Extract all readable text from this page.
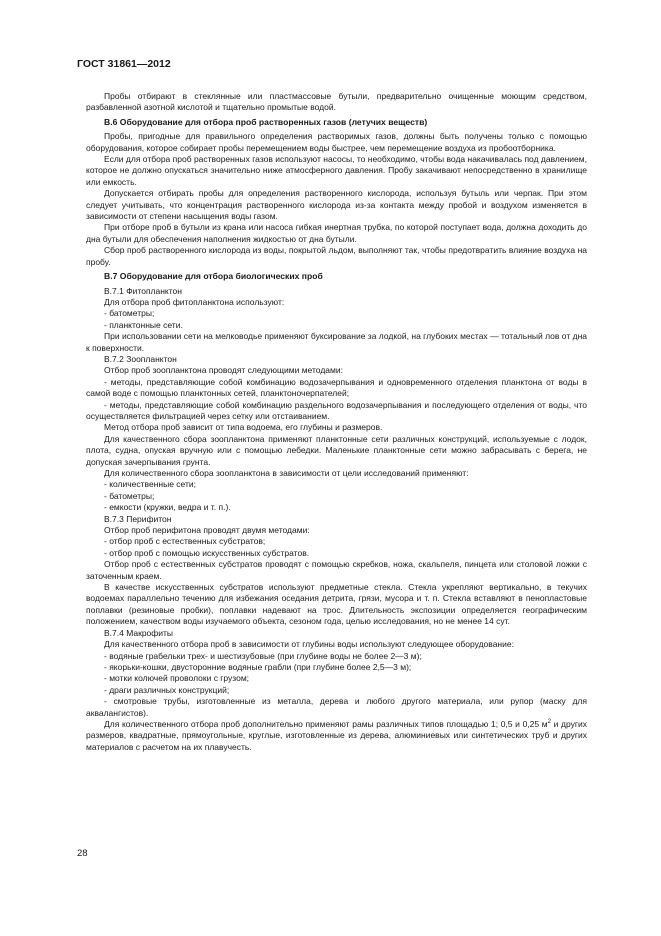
ГОСТ 31861—2012

Пробы отбирают в стеклянные или пластмассовые бутыли, предварительно очищенные моющим средством, разбавленной азотной кислотой и тщательно промытые водой.

В.6 Оборудование для отбора проб растворенных газов (летучих веществ)

Пробы, пригодные для правильного определения растворимых газов, должны быть получены только с помощью оборудования, которое собирает пробы перемещением воды быстрее, чем перемещение воздуха из пробоотборника.

Если для отбора проб растворенных газов используют насосы, то необходимо, чтобы вода накачивалась под давлением, которое не должно опускаться значительно ниже атмосферного давления. Пробу закачивают непосредственно в хранилище или емкость.

Допускается отбирать пробы для определения растворенного кислорода, используя бутыль или черпак. При этом следует учитывать, что концентрация растворенного кислорода из-за контакта между пробой и воздухом изменяется в зависимости от степени насыщения воды газом.

При отборе проб в бутыли из крана или насоса гибкая инертная трубка, по которой поступает вода, должна доходить до дна бутыли для обеспечения наполнения жидкостью от дна бутыли.

Сбор проб растворенного кислорода из воды, покрытой льдом, выполняют так, чтобы предотвратить влияние воздуха на пробу.

В.7 Оборудование для отбора биологических проб

В.7.1 Фитопланктон

Для отбора проб фитопланктона используют:

- батометры;

- планктонные сети.

При использовании сети на мелководье применяют буксирование за лодкой, на глубоких местах — тотальный лов от дна к поверхности.

В.7.2 Зоопланктон

Отбор проб зоопланктона проводят следующими методами:

- методы, представляющие собой комбинацию водозачерпывания и одновременного отделения планктона от воды в самой воде с помощью планктонных сетей, планктоночерпателей;

- методы, представляющие собой комбинацию раздельного водозачерпывания и последующего отделения от воды, что осуществляется фильтрацией через сетку или отстаиванием.

Метод отбора проб зависит от типа водоема, его глубины и размеров.

Для качественного сбора зоопланктона применяют планктонные сети различных конструкций, используемые с лодок, плота, судна, опуская вручную или с помощью лебедки. Маленькие планктонные сети можно забрасывать с берега, не допуская зачерпывания грунта.

Для количественного сбора зоопланктона в зависимости от цели исследований применяют:

- количественные сети;

- батометры;

- емкости (кружки, ведра и т. п.).

В.7.3 Перифитон

Отбор проб перифитона проводят двумя методами:

- отбор проб с естественных субстратов;

- отбор проб с помощью искусственных субстратов.

Отбор проб с естественных субстратов проводят с помощью скребков, ножа, скальпеля, пинцета или столовой ложки с заточенным краем.

В качестве искусственных субстратов используют предметные стекла. Стекла укрепляют вертикально, в текучих водоемах параллельно течению для избежания оседания детрита, грязи, мусора и т. п. Стекла вставляют в пенопластовые поплавки (резиновые пробки), поплавки надевают на трос. Длительность экспозиции определяется географическим положением, качеством воды изучаемого объекта, сезоном года, целью исследования, но не менее 14 сут.

В.7.4 Макрофиты

Для качественного отбора проб в зависимости от глубины воды используют следующее оборудование:

- водяные грабельки трех- и шестизубовые (при глубине воды не более 2—3 м);

- якорьки-кошки, двусторонние водяные грабли (при глубине более 2,5—3 м);

- мотки колючей проволоки с грузом;

- драги различных конструкций;

- смотровые трубы, изготовленные из металла, дерева и любого другого материала, или рупор (маску для аквалангистов).

Для количественного отбора проб дополнительно применяют рамы различных типов площадью 1; 0,5 и 0,25 $м^2$ и других размеров, квадратные, прямоугольные, круглые, изготовленные из дерева, алюминиевых или синтетических труб и других материалов с расчетом на их плавучесть.

28
